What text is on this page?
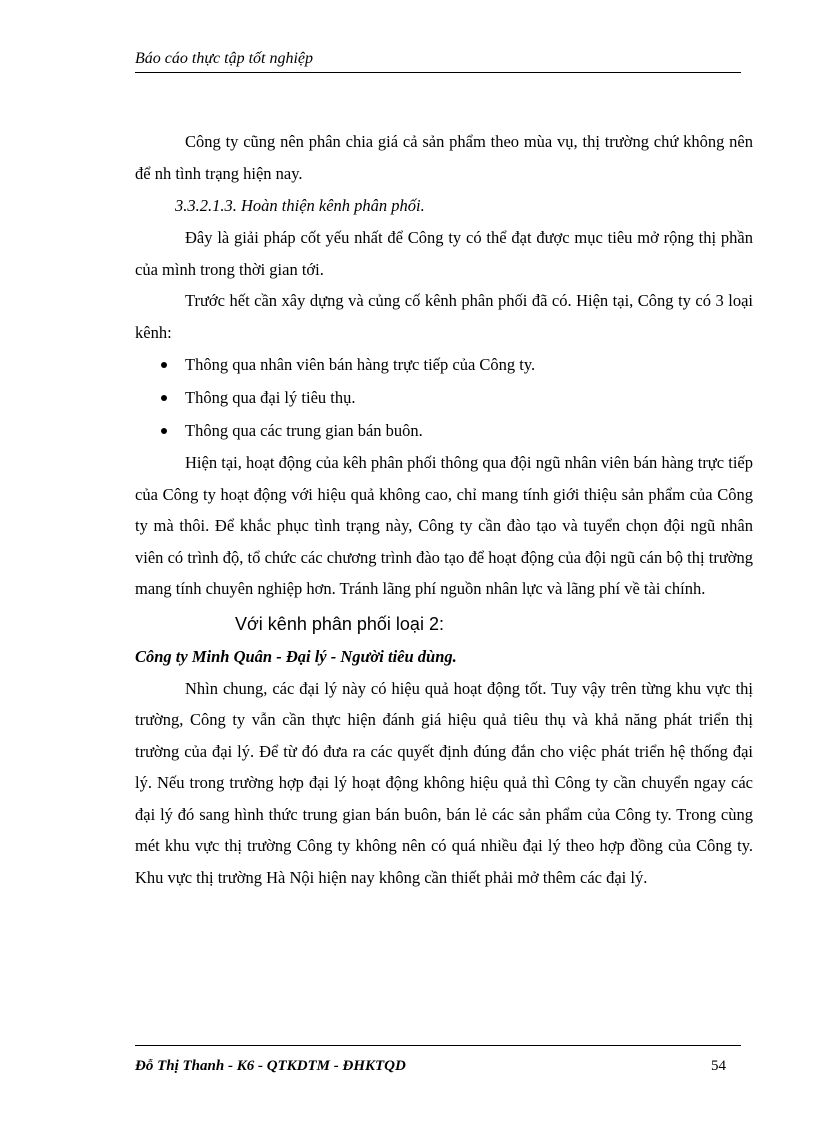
Báo cáo thực tập tốt nghiệp

Công ty cũng nên phân chia giá cả sản phẩm theo mùa vụ, thị trường chứ không nên để nh tình trạng hiện nay.

3.3.2.1.3. Hoàn thiện kênh phân phối.

Đây là giải pháp cốt yếu nhất để Công ty có thể đạt được mục tiêu mở rộng thị phần của mình trong thời gian tới.

Trước hết cần xây dựng và củng cố kênh phân phối đã có. Hiện tại, Công ty có 3 loại kênh:

Thông qua nhân viên bán hàng trực tiếp của Công ty.
Thông qua đại lý tiêu thụ.
Thông qua các trung gian bán buôn.

Hiện tại, hoạt động của kêh phân phối thông qua đội ngũ nhân viên bán hàng trực tiếp của Công ty hoạt động với hiệu quả không cao, chỉ mang tính giới thiệu sản phẩm của Công ty mà thôi. Để khắc phục tình trạng này, Công ty cần đào tạo và tuyển chọn đội ngũ nhân viên có trình độ, tổ chức các chương trình đào tạo để hoạt động của đội ngũ cán bộ thị trường mang tính chuyên nghiệp hơn. Tránh lãng phí nguồn nhân lực và lãng phí về tài chính.

Với kênh phân phối loại 2:

Công ty Minh Quân - Đại lý - Người tiêu dùng.

Nhìn chung, các đại lý này có hiệu quả hoạt động tốt. Tuy vậy trên từng khu vực thị trường, Công ty vẫn cần thực hiện đánh giá hiệu quả tiêu thụ và khả năng phát triển thị trường của đại lý. Để từ đó đưa ra các quyết định đúng đắn cho việc phát triển hệ thống đại lý. Nếu trong trường hợp đại lý hoạt động không hiệu quả thì Công ty cần chuyển ngay các đại lý đó sang hình thức trung gian bán buôn, bán lẻ các sản phẩm của Công ty. Trong cùng mét khu vực thị trường Công ty không nên có quá nhiều đại lý theo hợp đồng của Công ty. Khu vực thị trường Hà Nội hiện nay không cần thiết phải mở thêm các đại lý.

Đỗ Thị Thanh - K6 - QTKDTM - ĐHKTQD	54
